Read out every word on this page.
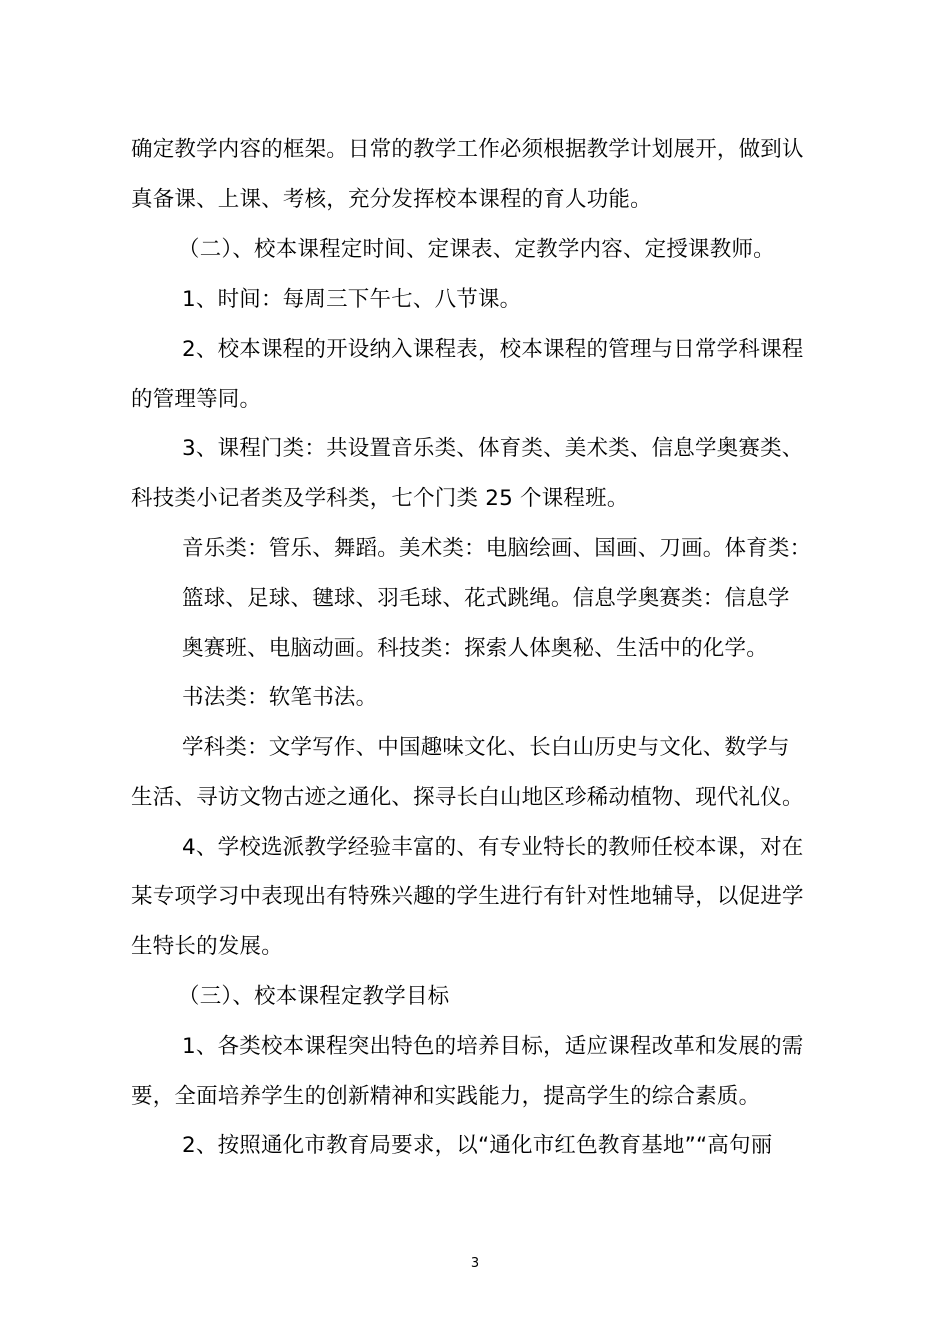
确定教学内容的框架。日常的教学工作必须根据教学计划展开，做到认
真备课、上课、考核，充分发挥校本课程的育人功能。
（二）、校本课程定时间、定课表、定教学内容、定授课教师。
1、时间：每周三下午七、八节课。
2、校本课程的开设纳入课程表，校本课程的管理与日常学科课程
的管理等同。
3、课程门类：共设置音乐类、体育类、美术类、信息学奥赛类、
科技类小记者类及学科类，七个门类 25 个课程班。
音乐类：管乐、舞蹈。美术类：电脑绘画、国画、刀画。体育类：
篮球、足球、毽球、羽毛球、花式跳绳。信息学奥赛类：信息学
奥赛班、电脑动画。科技类：探索人体奥秘、生活中的化学。
书法类：软笔书法。
学科类：文学写作、中国趣味文化、长白山历史与文化、数学与
生活、寻访文物古迹之通化、探寻长白山地区珍稀动植物、现代礼仪。
4、学校选派教学经验丰富的、有专业特长的教师任校本课，对在
某专项学习中表现出有特殊兴趣的学生进行有针对性地辅导，以促进学
生特长的发展。
（三）、校本课程定教学目标
1、各类校本课程突出特色的培养目标，适应课程改革和发展的需
要，全面培养学生的创新精神和实践能力，提高学生的综合素质。
2、按照通化市教育局要求，以“通化市红色教育基地”“高句丽
3
